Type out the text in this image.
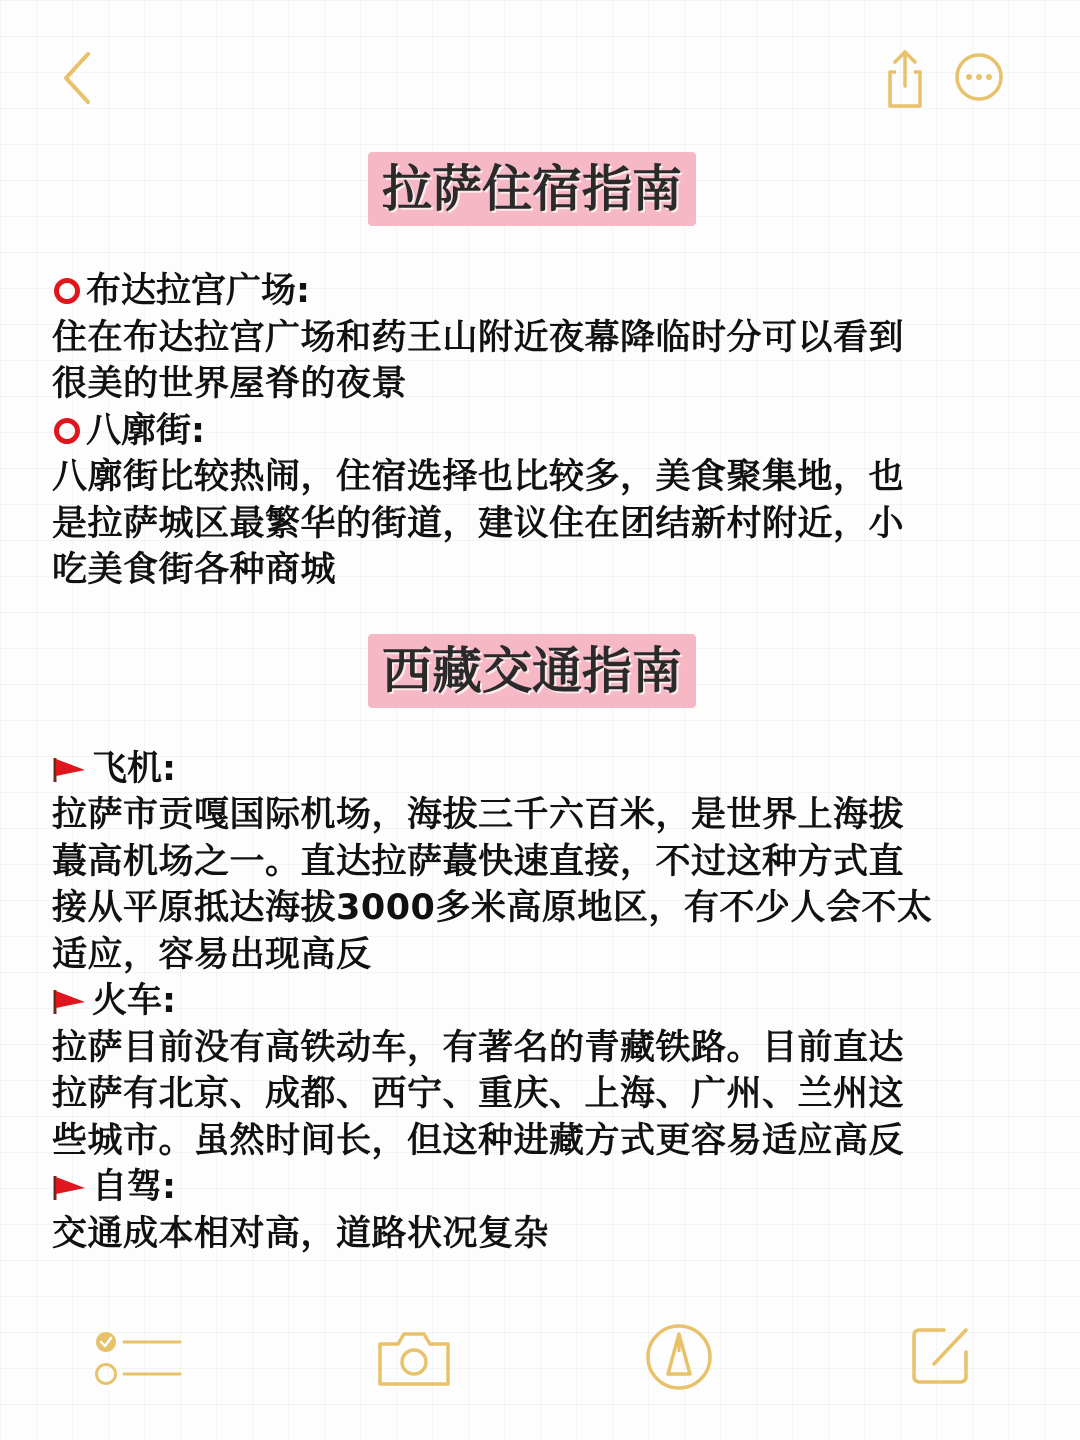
拉萨住宿指南
布达拉宫广场:
住在布达拉宫广场和药王山附近夜幕降临时分可以看到
很美的世界屋脊的夜景
八廓街:
八廓街比较热闹，住宿选择也比较多，美食聚集地，也
是拉萨城区最繁华的街道，建议住在团结新村附近，小
吃美食街各种商城
西藏交通指南
飞机:
拉萨市贡嘎国际机场，海拔三千六百米，是世界上海拔
蕞高机场之一。直达拉萨蕞快速直接，不过这种方式直
接从平原抵达海拔3000多米高原地区，有不少人会不太
适应，容易出现高反
火车:
拉萨目前没有高铁动车，有著名的青藏铁路。目前直达
拉萨有北京、成都、西宁、重庆、上海、广州、兰州这
些城市。虽然时间长，但这种进藏方式更容易适应高反
自驾:
交通成本相对高，道路状况复杂
